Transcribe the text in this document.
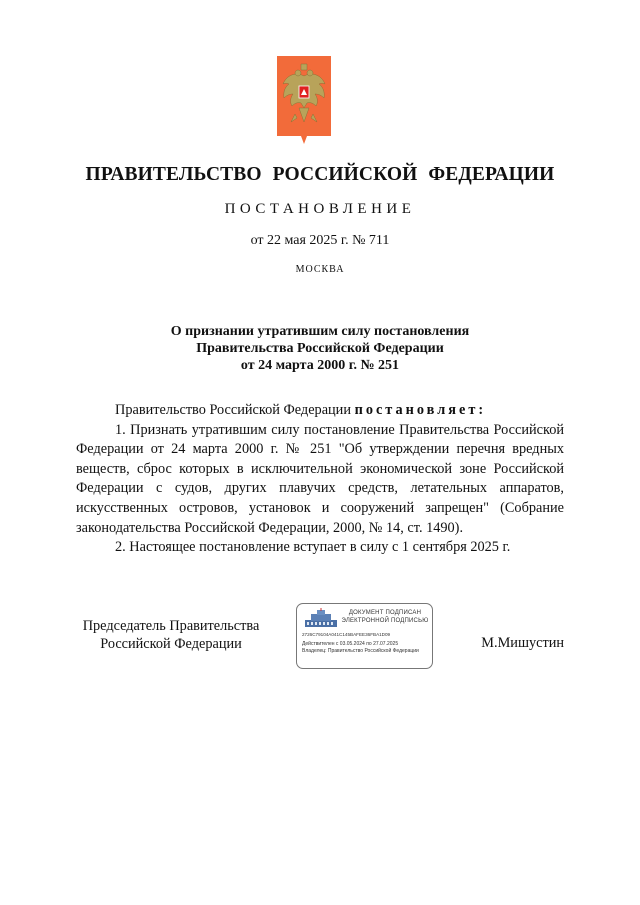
ПРАВИТЕЛЬСТВО РОССИЙСКОЙ ФЕДЕРАЦИИ
ПОСТАНОВЛЕНИЕ
от 22 мая 2025 г. № 711
МОСКВА
О признании утратившим силу постановления
Правительства Российской Федерации
от 24 марта 2000 г. № 251

Правительство Российской Федерации постановляет:

1. Признать утратившим силу постановление Правительства Российской Федерации от 24 марта 2000 г. № 251 "Об утверждении перечня вредных веществ, сброс которых в исключительной экономической зоне Российской Федерации с судов, других плавучих средств, летательных аппаратов, искусственных островов, установок и сооружений запрещен" (Собрание законодательства Российской Федерации, 2000, № 14, ст. 1490).

2. Настоящее постановление вступает в силу с 1 сентября 2025 г.

Председатель Правительства
Российской Федерации
ДОКУМЕНТ ПОДПИСАН
ЭЛЕКТРОННОЙ ПОДПИСЬЮ
2726C79104A041C145BAFEE36FBA1D09
Действителен с 03.05.2024 по 27.07.2025
Владелец: Правительство Российской Федерации	М.Мишустин
